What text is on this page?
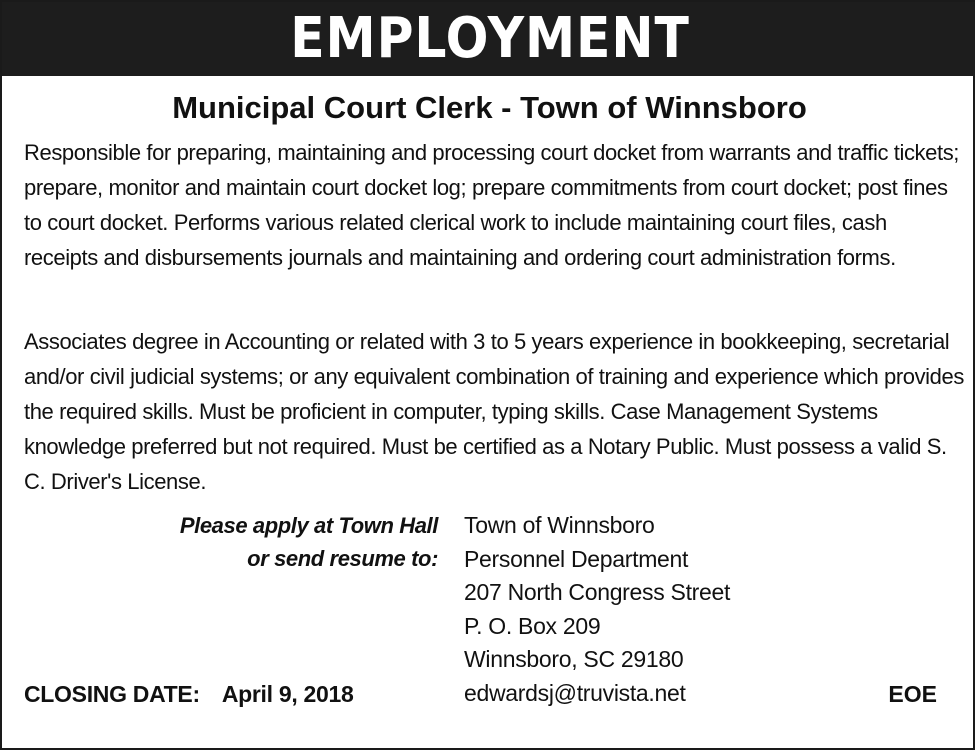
EMPLOYMENT
Municipal Court Clerk - Town of Winnsboro

Responsible for preparing, maintaining and processing court docket from warrants and traffic tickets; prepare, monitor and maintain court docket log; prepare commitments from court docket; post fines to court docket. Performs various related clerical work to include maintaining court files, cash receipts and disbursements journals and maintaining and ordering court administration forms.

Associates degree in Accounting or related with 3 to 5 years experience in bookkeeping, secretarial and/or civil judicial systems; or any equivalent combination of training and experience which provides the required skills. Must be proficient in computer, typing skills. Case Management Systems knowledge preferred but not required. Must be certified as a Notary Public. Must possess a valid S. C. Driver's License.

Please apply at Town Hall
or send resume to:
Town of Winnsboro
Personnel Department
207 North Congress Street
P. O. Box 209
Winnsboro, SC 29180
edwardsj@truvista.net
CLOSING DATE: April 9, 2018	EOE
